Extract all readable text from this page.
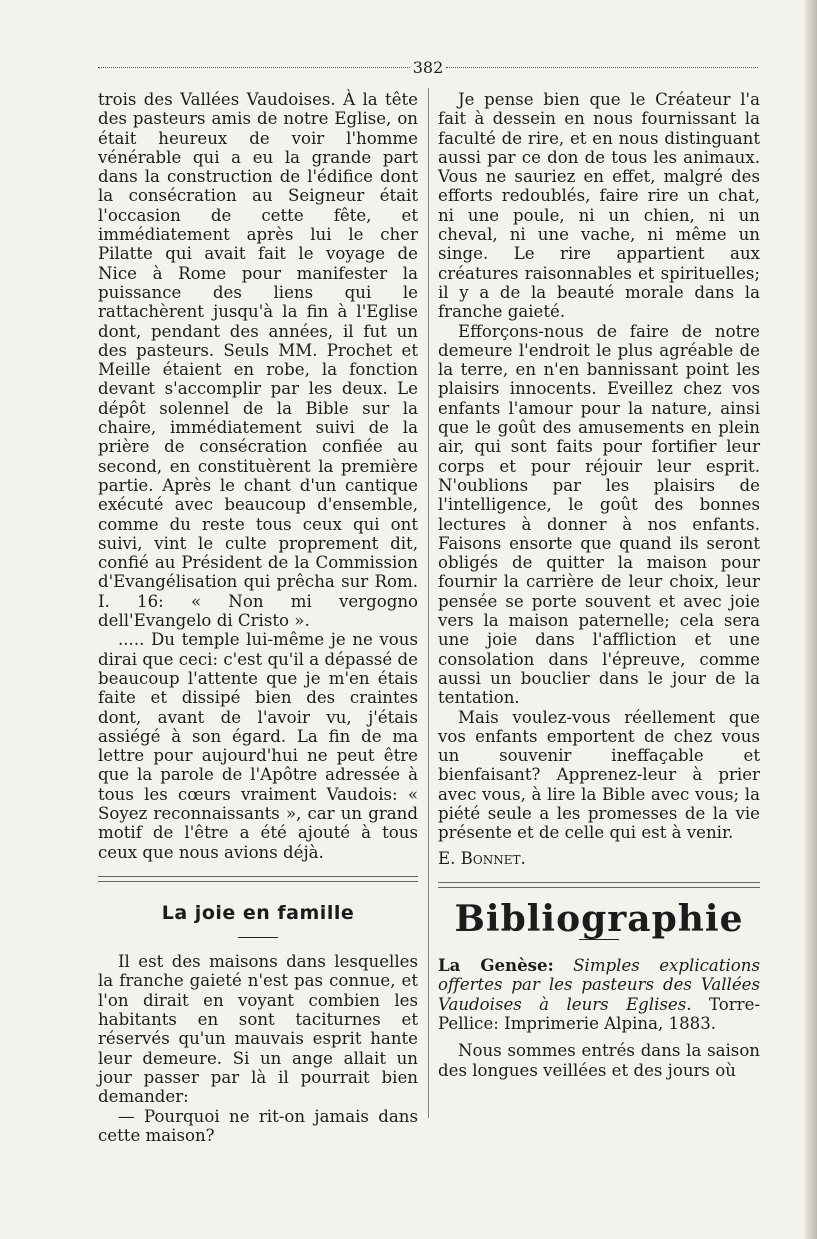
382

trois des Vallées Vaudoises. À la tête des pasteurs amis de notre Eglise, on était heureux de voir l'homme vénérable qui a eu la grande part dans la construction de l'édifice dont la consécration au Seigneur était l'occasion de cette fête, et immédiatement après lui le cher Pilatte qui avait fait le voyage de Nice à Rome pour manifester la puissance des liens qui le rattachèrent jusqu'à la fin à l'Eglise dont, pendant des années, il fut un des pasteurs. Seuls MM. Prochet et Meille étaient en robe, la fonction devant s'accomplir par les deux. Le dépôt solennel de la Bible sur la chaire, immédiatement suivi de la prière de consécration confiée au second, en constituèrent la première partie. Après le chant d'un cantique exécuté avec beaucoup d'ensemble, comme du reste tous ceux qui ont suivi, vint le culte proprement dit, confié au Président de la Commission d'Evangélisation qui prêcha sur Rom. I. 16: « Non mi vergogno dell'Evangelo di Cristo ».

..... Du temple lui-même je ne vous dirai que ceci: c'est qu'il a dépassé de beaucoup l'attente que je m'en étais faite et dissipé bien des craintes dont, avant de l'avoir vu, j'étais assiégé à son égard. La fin de ma lettre pour aujourd'hui ne peut être que la parole de l'Apôtre adressée à tous les cœurs vraiment Vaudois: « Soyez reconnaissants », car un grand motif de l'être a été ajouté à tous ceux que nous avions déjà.

La joie en famille

Il est des maisons dans lesquelles la franche gaieté n'est pas connue, et l'on dirait en voyant combien les habitants en sont taciturnes et réservés qu'un mauvais esprit hante leur demeure. Si un ange allait un jour passer par là il pourrait bien demander:

— Pourquoi ne rit-on jamais dans cette maison?

Je pense bien que le Créateur l'a fait à dessein en nous fournissant la faculté de rire, et en nous distinguant aussi par ce don de tous les animaux. Vous ne sauriez en effet, malgré des efforts redoublés, faire rire un chat, ni une poule, ni un chien, ni un cheval, ni une vache, ni même un singe. Le rire appartient aux créatures raisonnables et spirituelles; il y a de la beauté morale dans la franche gaieté.

Efforçons-nous de faire de notre demeure l'endroit le plus agréable de la terre, en n'en bannissant point les plaisirs innocents. Eveillez chez vos enfants l'amour pour la nature, ainsi que le goût des amusements en plein air, qui sont faits pour fortifier leur corps et pour réjouir leur esprit. N'oublions par les plaisirs de l'intelligence, le goût des bonnes lectures à donner à nos enfants. Faisons ensorte que quand ils seront obligés de quitter la maison pour fournir la carrière de leur choix, leur pensée se porte souvent et avec joie vers la maison paternelle; cela sera une joie dans l'affliction et une consolation dans l'épreuve, comme aussi un bouclier dans le jour de la tentation.

Mais voulez-vous réellement que vos enfants emportent de chez vous un souvenir ineffaçable et bienfaisant? Apprenez-leur à prier avec vous, à lire la Bible avec vous; la piété seule a les promesses de la vie présente et de celle qui est à venir.

E. Bonnet.

Bibliographie

La Genèse: Simples explications offertes par les pasteurs des Vallées Vaudoises à leurs Eglises. Torre-Pellice: Imprimerie Alpina, 1883.

Nous sommes entrés dans la saison des longues veillées et des jours où
